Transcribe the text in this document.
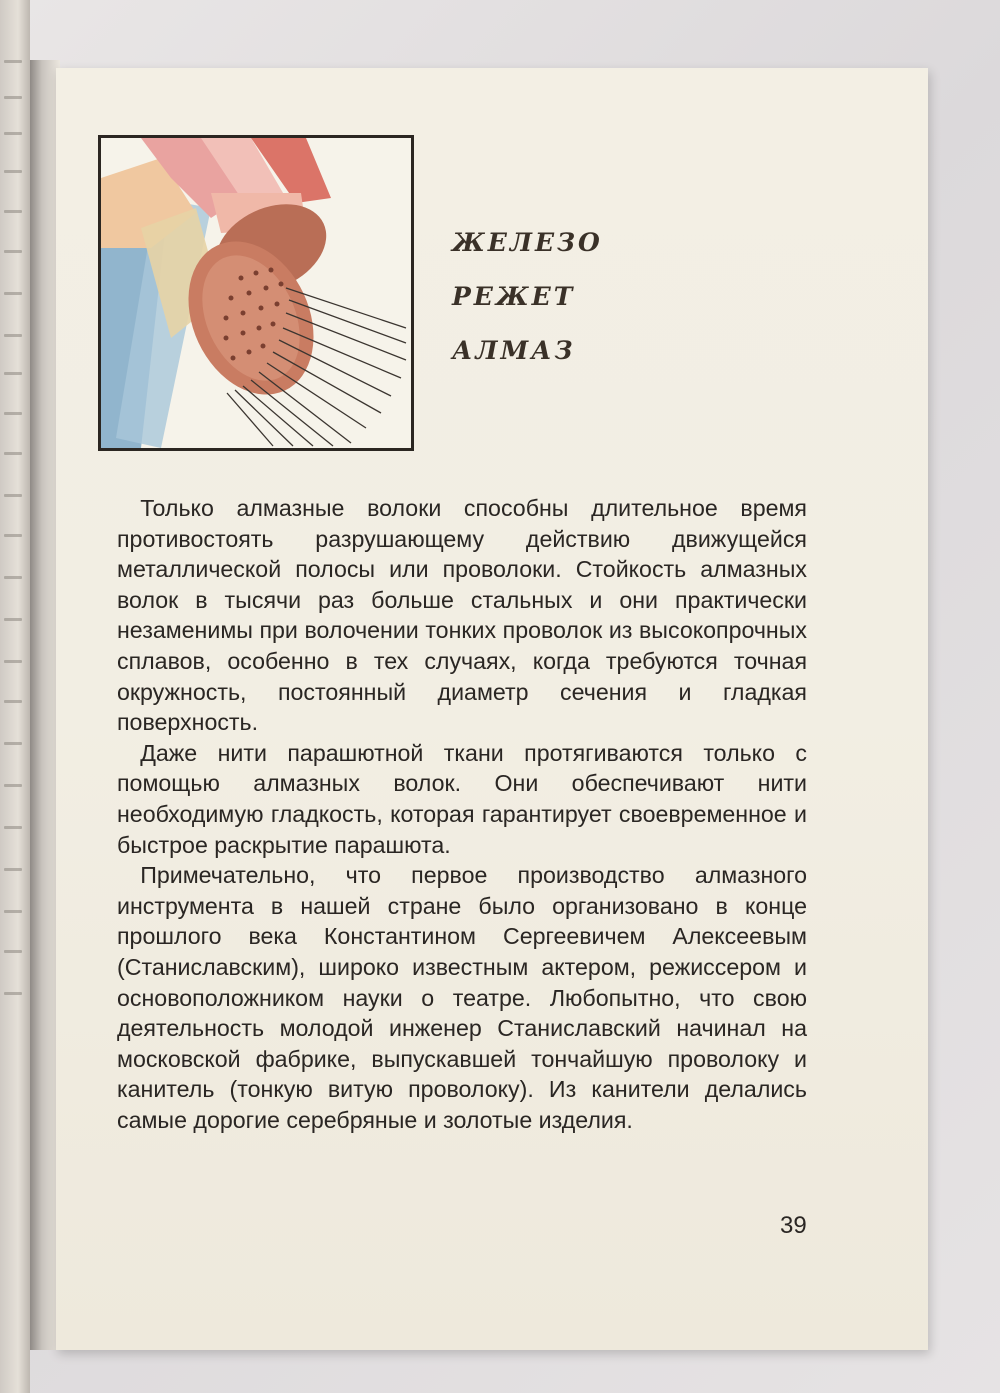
ЖЕЛЕЗО
РЕЖЕТ
АЛМАЗ

Только алмазные волоки способны длительное время противостоять разрушающему действию движущейся металлической полосы или проволоки. Стойкость алмазных волок в тысячи раз больше стальных и они практически незаменимы при волочении тонких проволок из высокопрочных сплавов, особенно в тех случаях, когда требуются точная окружность, постоянный диаметр сечения и гладкая поверхность.

Даже нити парашютной ткани протягиваются только с помощью алмазных волок. Они обеспечивают нити необходимую гладкость, которая гарантирует своевременное и быстрое раскрытие парашюта.

Примечательно, что первое производство алмазного инструмента в нашей стране было организовано в конце прошлого века Константином Сергеевичем Алексеевым (Станиславским), широко известным актером, режиссером и основоположником науки о театре. Любопытно, что свою деятельность молодой инженер Станиславский начинал на московской фабрике, выпускавшей тончайшую проволоку и канитель (тонкую витую проволоку). Из канители делались самые дорогие серебряные и золотые изделия.

39
